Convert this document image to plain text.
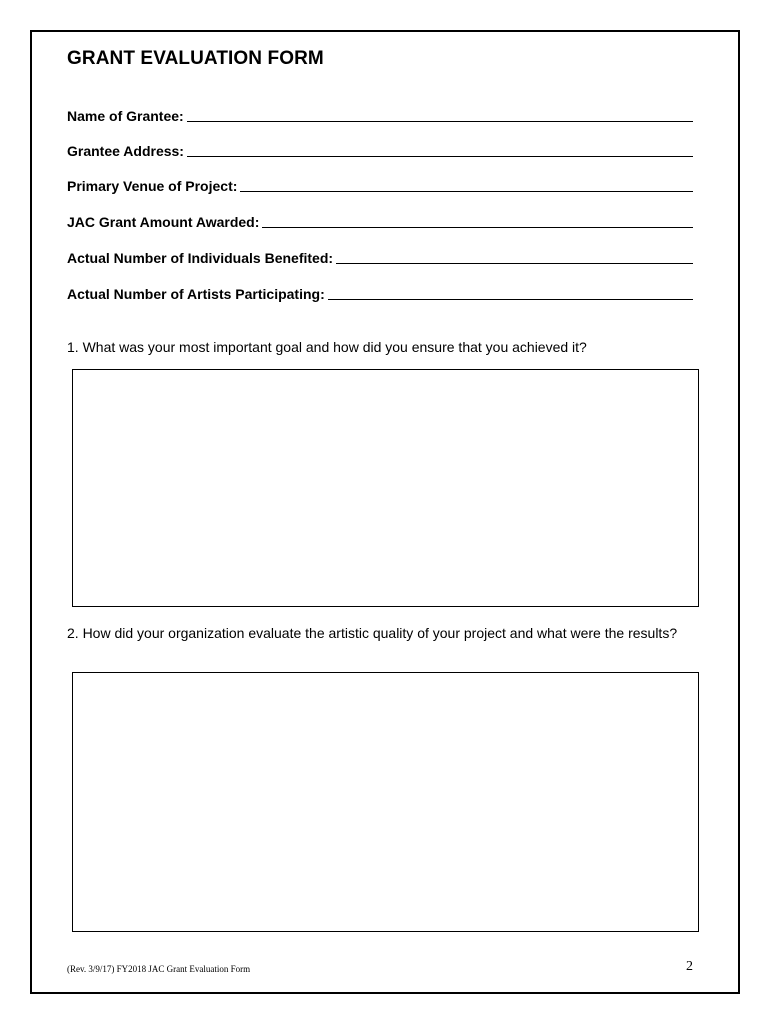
GRANT EVALUATION FORM
Name of Grantee:
Grantee Address:
Primary Venue of Project:
JAC Grant Amount Awarded:
Actual Number of Individuals Benefited:
Actual Number of Artists Participating:
1. What was your most important goal and how did you ensure that you achieved it?
2. How did your organization evaluate the artistic quality of your project and what were the results?
(Rev. 3/9/17) FY2018 JAC Grant Evaluation Form	2
